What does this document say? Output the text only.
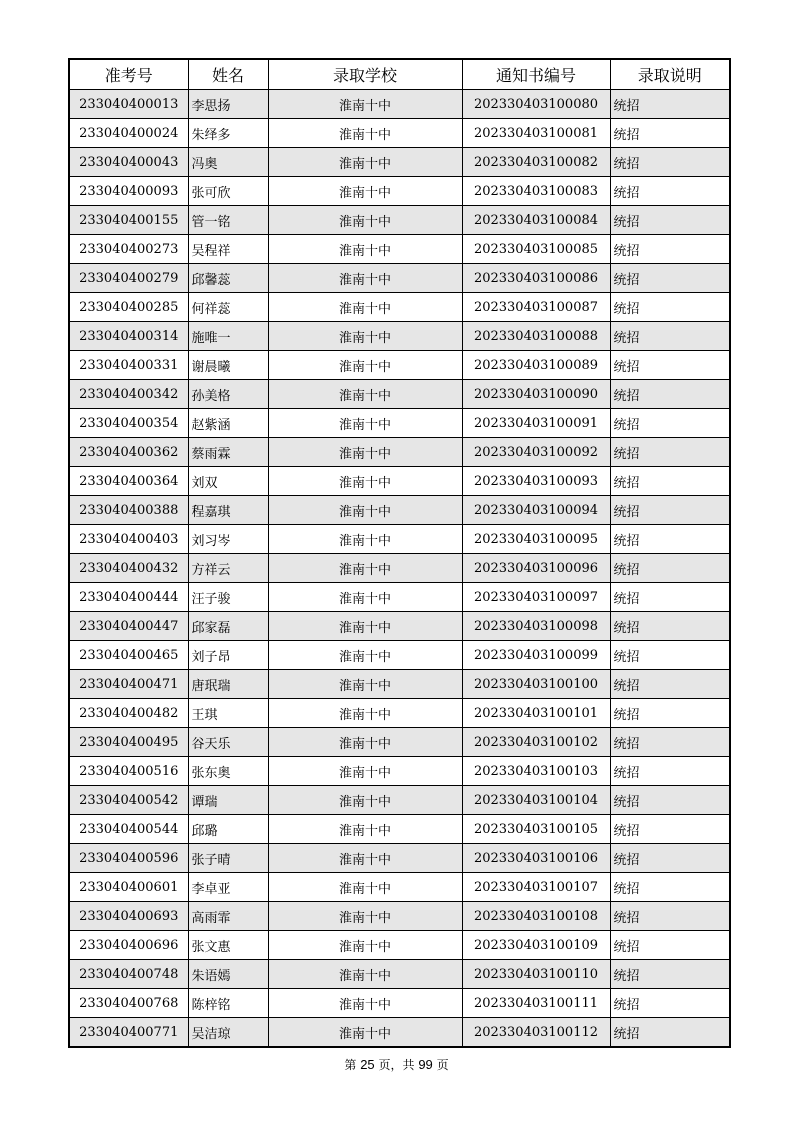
准考号	姓名	录取学校	通知书编号	录取说明
233040400013	李思扬	淮南十中	202330403100080	统招
233040400024	朱绎多	淮南十中	202330403100081	统招
233040400043	冯奥	淮南十中	202330403100082	统招
233040400093	张可欣	淮南十中	202330403100083	统招
233040400155	管一铭	淮南十中	202330403100084	统招
233040400273	吴程祥	淮南十中	202330403100085	统招
233040400279	邱馨蕊	淮南十中	202330403100086	统招
233040400285	何祥蕊	淮南十中	202330403100087	统招
233040400314	施唯一	淮南十中	202330403100088	统招
233040400331	谢晨曦	淮南十中	202330403100089	统招
233040400342	孙美格	淮南十中	202330403100090	统招
233040400354	赵紫涵	淮南十中	202330403100091	统招
233040400362	蔡雨霖	淮南十中	202330403100092	统招
233040400364	刘双	淮南十中	202330403100093	统招
233040400388	程嘉琪	淮南十中	202330403100094	统招
233040400403	刘习岑	淮南十中	202330403100095	统招
233040400432	方祥云	淮南十中	202330403100096	统招
233040400444	汪子骏	淮南十中	202330403100097	统招
233040400447	邱家磊	淮南十中	202330403100098	统招
233040400465	刘子昂	淮南十中	202330403100099	统招
233040400471	唐珉瑞	淮南十中	202330403100100	统招
233040400482	王琪	淮南十中	202330403100101	统招
233040400495	谷天乐	淮南十中	202330403100102	统招
233040400516	张东奥	淮南十中	202330403100103	统招
233040400542	谭瑞	淮南十中	202330403100104	统招
233040400544	邱璐	淮南十中	202330403100105	统招
233040400596	张子晴	淮南十中	202330403100106	统招
233040400601	李卓亚	淮南十中	202330403100107	统招
233040400693	高雨霏	淮南十中	202330403100108	统招
233040400696	张文惠	淮南十中	202330403100109	统招
233040400748	朱语嫣	淮南十中	202330403100110	统招
233040400768	陈梓铭	淮南十中	202330403100111	统招
233040400771	吴洁琼	淮南十中	202330403100112	统招
第 25 页，共 99 页
